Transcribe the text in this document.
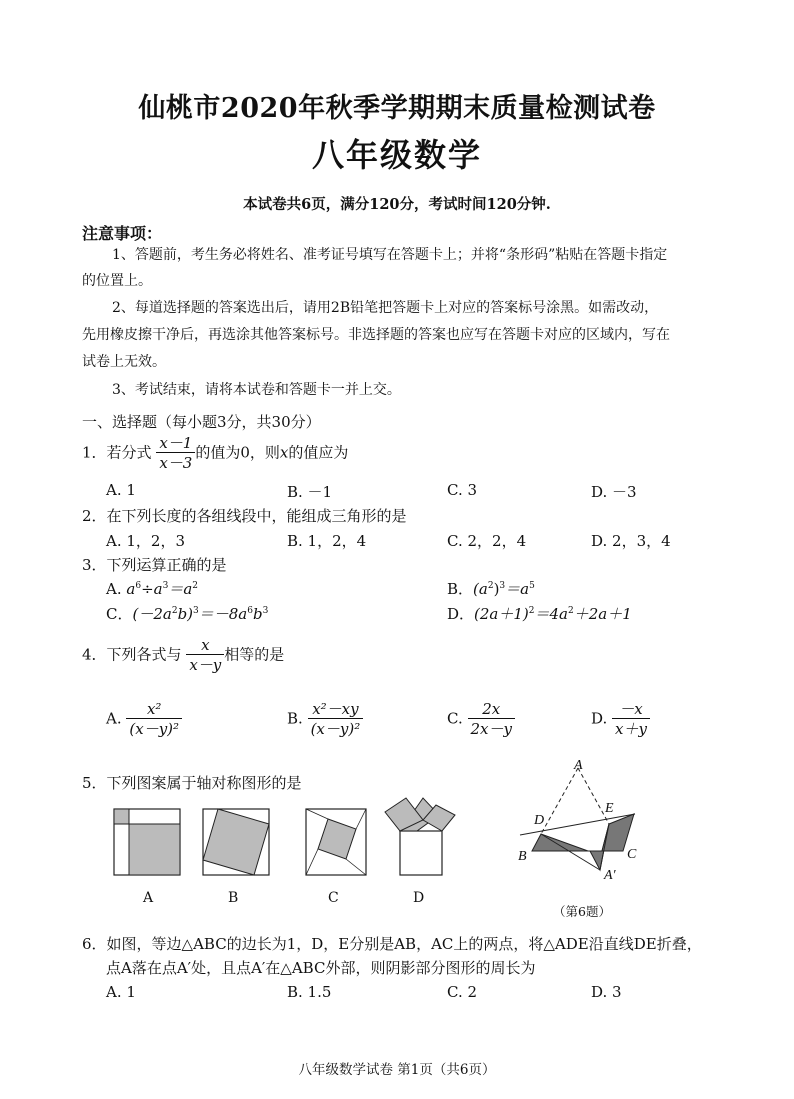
仙桃市2020年秋季学期期末质量检测试卷
八年级数学
本试卷共6页，满分120分，考试时间120分钟.
注意事项：
1、答题前，考生务必将姓名、准考证号填写在答题卡上；并将“条形码”粘贴在答题卡指定
的位置上。
2、每道选择题的答案选出后，请用2B铅笔把答题卡上对应的答案标号涂黑。如需改动，
先用橡皮擦干净后，再选涂其他答案标号。非选择题的答案也应写在答题卡对应的区域内，写在
试卷上无效。
3、考试结束，请将本试卷和答题卡一并上交。
一、选择题（每小题3分，共30分）
1．若分式 $\frac{x-1}{x-3}$ 的值为0，则x的值应为
A. 1	B. －1	C. 3	D. －3
2．在下列长度的各组线段中，能组成三角形的是
A. 1，2，3	B. 1，2，4	C. 2，2，4	D. 2，3，4
3．下列运算正确的是
A. $a^6\div a^3=a^2$	B．$(a^2)^3=a^5$
C．$(-2a^2b)^3=-8a^6b^3$	D．$(2a+1)^2=4a^2+2a+1$
4．下列各式与 $\frac{x}{x-y}$ 相等的是
A. $\frac{\text{x²}}{\text{(x－y)²}}$	B. $\frac{\text{x²－xy}}{\text{(x－y)²}}$	C. $\frac{2x}{2x-y}$	D. $\frac{-x}{x+y}$
5．下列图案属于轴对称图形的是
A	B	C	D
A
D
E
B	C
A′
（第6题）
6．如图，等边△ABC的边长为1，D，E分别是AB，AC上的两点，将△ADE沿直线DE折叠，
点A落在点A′处，且点A′在△ABC外部，则阴影部分图形的周长为
A. 1	B. 1.5	C. 2	D. 3
八年级数学试卷 第1页（共6页）
